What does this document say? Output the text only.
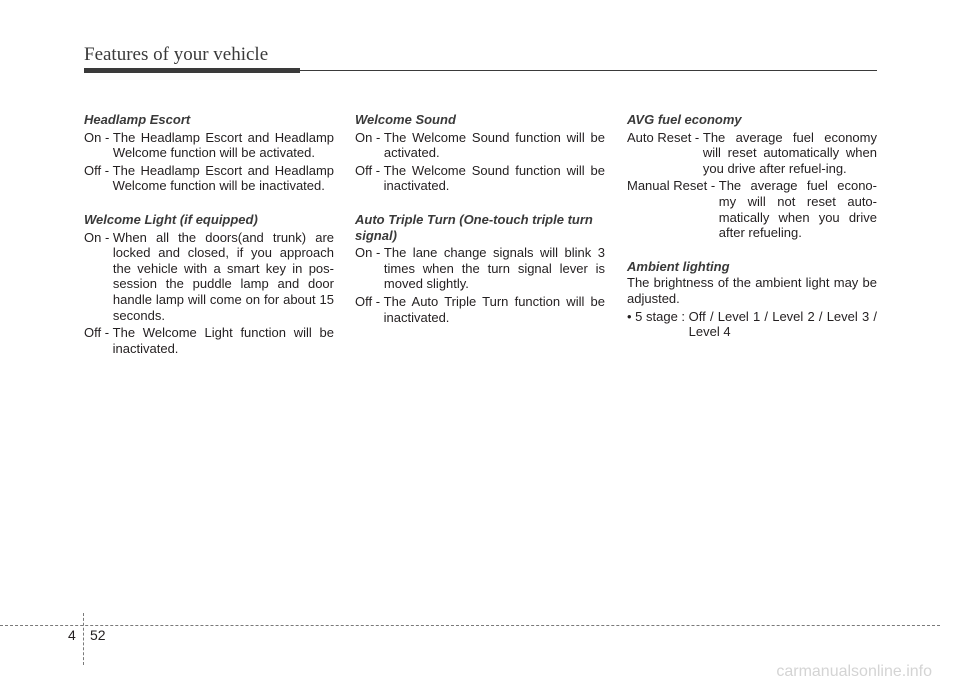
Features of your vehicle
Headlamp Escort
On - The Headlamp Escort and Headlamp Welcome function will be activated.
Off - The Headlamp Escort and Headlamp Welcome function will be inactivated.
Welcome Light (if equipped)
On - When all the doors(and trunk) are locked and closed, if you approach the vehicle with a smart key in pos-session the puddle lamp and door handle lamp will come on for about 15 seconds.
Off - The Welcome Light function will be inactivated.
Welcome Sound
On - The Welcome Sound function will be activated.
Off - The Welcome Sound function will be inactivated.
Auto Triple Turn (One-touch triple turn signal)
On - The lane change signals will blink 3 times when the turn signal lever is moved slightly.
Off - The Auto Triple Turn function will be inactivated.
AVG fuel economy
Auto Reset - The average fuel economy will reset automatically when you drive after refuel-ing.
Manual Reset - The average fuel econo-my will not reset auto-matically when you drive after refueling.
Ambient lighting

The brightness of the ambient light may be adjusted.

• 5 stage : Off / Level 1 / Level 2 / Level 3 / Level 4
4 52
carmanualsonline.info
